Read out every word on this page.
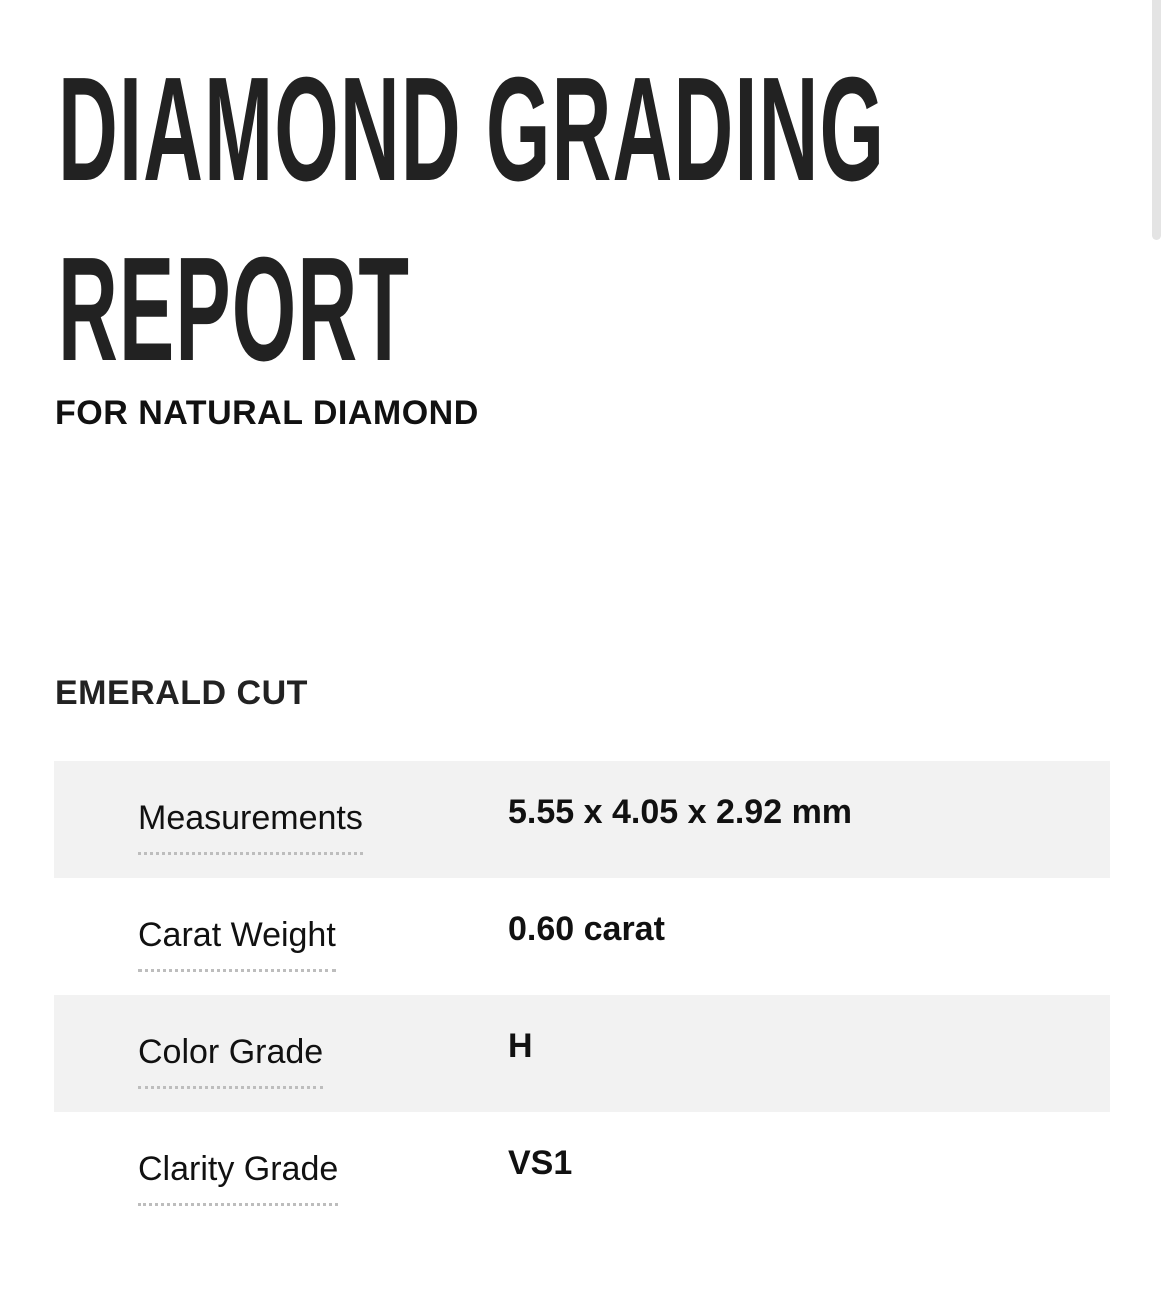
DIAMOND GRADING
REPORT
FOR NATURAL DIAMOND
EMERALD CUT
Measurements	5.55 x 4.05 x 2.92 mm
Carat Weight	0.60 carat
Color Grade	H
Clarity Grade	VS1
